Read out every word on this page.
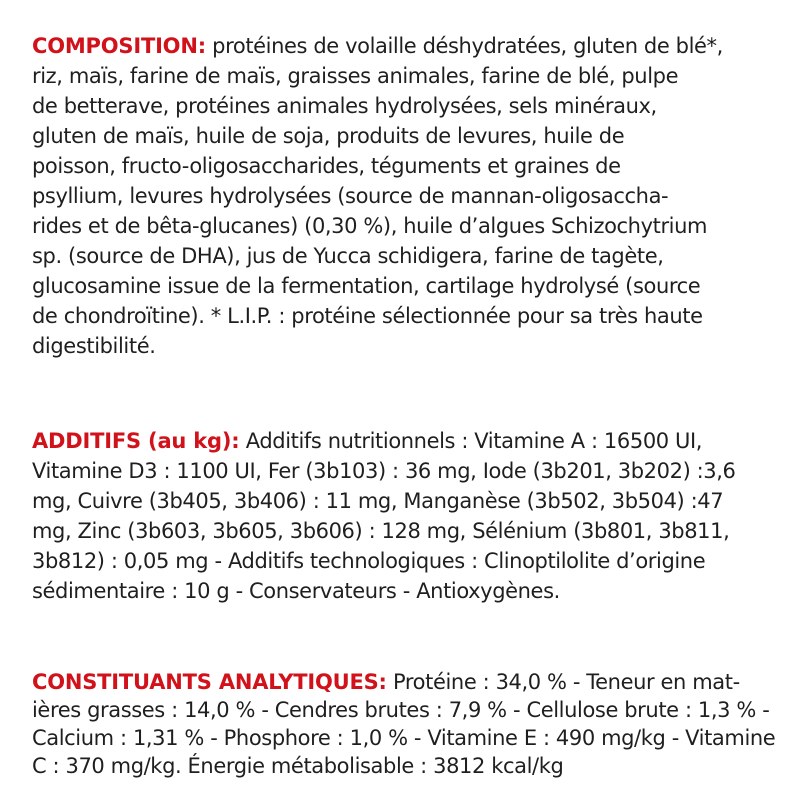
COMPOSITION: protéines de volaille déshydratées, gluten de blé*,
riz, maïs, farine de maïs, graisses animales, farine de blé, pulpe
de betterave, protéines animales hydrolysées, sels minéraux,
gluten de maïs, huile de soja, produits de levures, huile de
poisson, fructo-oligosaccharides, téguments et graines de
psyllium, levures hydrolysées (source de mannan-oligosaccha-
rides et de bêta-glucanes) (0,30 %), huile d’algues Schizochytrium
sp. (source de DHA), jus de Yucca schidigera, farine de tagète,
glucosamine issue de la fermentation, cartilage hydrolysé (source
de chondroïtine). * L.I.P. : protéine sélectionnée pour sa très haute
digestibilité.
ADDITIFS (au kg): Additifs nutritionnels : Vitamine A : 16500 UI,
Vitamine D3 : 1100 UI, Fer (3b103) : 36 mg, Iode (3b201, 3b202) :3,6
mg, Cuivre (3b405, 3b406) : 11 mg, Manganèse (3b502, 3b504) :47
mg, Zinc (3b603, 3b605, 3b606) : 128 mg, Sélénium (3b801, 3b811,
3b812) : 0,05 mg - Additifs technologiques : Clinoptilolite d’origine
sédimentaire : 10 g - Conservateurs - Antioxygènes.
CONSTITUANTS ANALYTIQUES: Protéine : 34,0 % - Teneur en mat-
ières grasses : 14,0 % - Cendres brutes : 7,9 % - Cellulose brute : 1,3 % -
Calcium : 1,31 % - Phosphore : 1,0 % - Vitamine E : 490 mg/kg - Vitamine
C : 370 mg/kg. Énergie métabolisable : 3812 kcal/kg
